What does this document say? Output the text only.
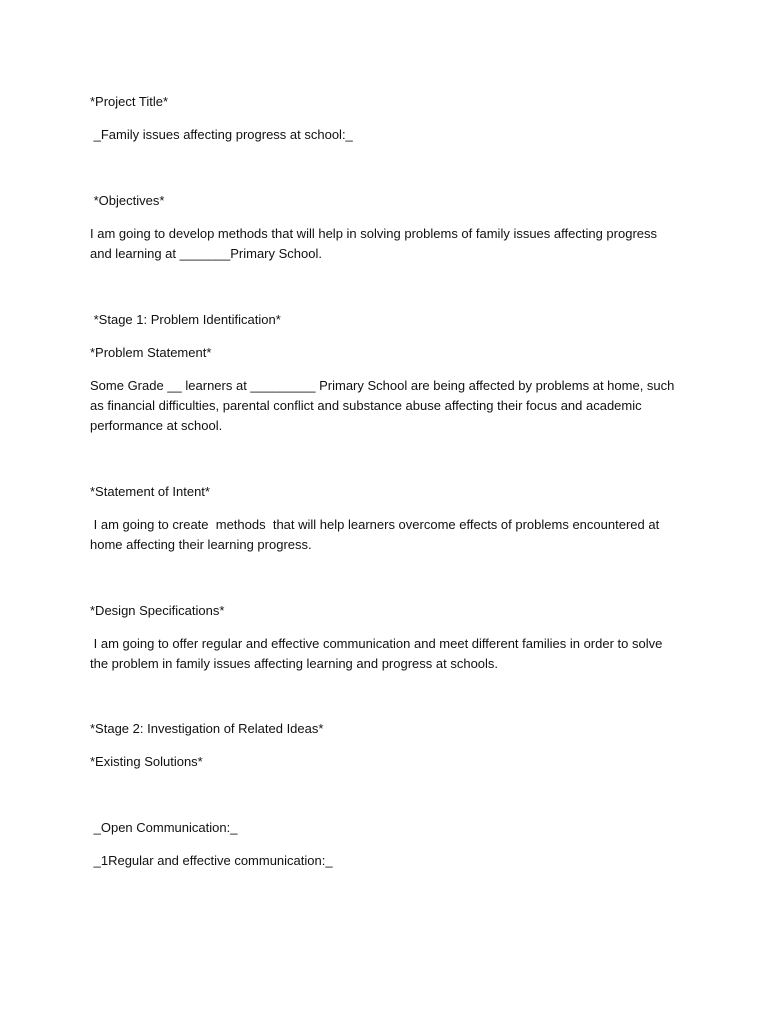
*Project Title*

_Family issues affecting progress at school:_

*Objectives*

I am going to develop methods that will help in solving problems of family issues affecting progress and learning at _______Primary School.

*Stage 1: Problem Identification*

*Problem Statement*

Some Grade __ learners at _________ Primary School are being affected by problems at home, such as financial difficulties, parental conflict and substance abuse affecting their focus and academic performance at school.

*Statement of Intent*

I am going to create  methods  that will help learners overcome effects of problems encountered at home affecting their learning progress.

*Design Specifications*

I am going to offer regular and effective communication and meet different families in order to solve the problem in family issues affecting learning and progress at schools.

*Stage 2: Investigation of Related Ideas*

*Existing Solutions*

_Open Communication:_

_1Regular and effective communication:_
